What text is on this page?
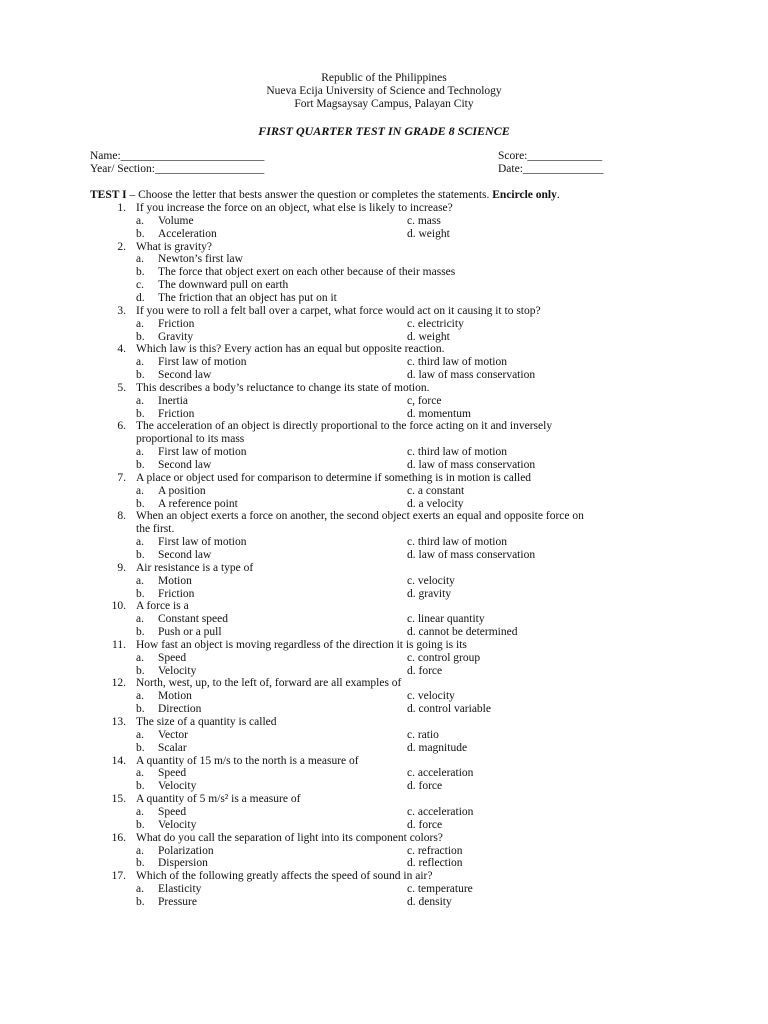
Republic of the Philippines
Nueva Ecija University of Science and Technology
Fort Magsaysay Campus, Palayan City
FIRST QUARTER TEST IN GRADE 8 SCIENCE
Name:_________________________
Year/ Section:___________________
Score:_____________
Date:______________
TEST I – Choose the letter that bests answer the question or completes the statements. Encircle only.
1. If you increase the force on an object, what else is likely to increase?
a. Volume	c. mass
b. Acceleration	d. weight
2. What is gravity?
a. Newton’s first law
b. The force that object exert on each other because of their masses
c. The downward pull on earth
d. The friction that an object has put on it
3. If you were to roll a felt ball over a carpet, what force would act on it causing it to stop?
a. Friction	c. electricity
b. Gravity	d. weight
4. Which law is this? Every action has an equal but opposite reaction.
a. First law of motion	c. third law of motion
b. Second law	d. law of mass conservation
5. This describes a body’s reluctance to change its state of motion.
a. Inertia	c, force
b. Friction	d. momentum
6. The acceleration of an object is directly proportional to the force acting on it and inversely
proportional to its mass
a. First law of motion	c. third law of motion
b. Second law	d. law of mass conservation
7. A place or object used for comparison to determine if something is in motion is called
a. A position	c. a constant
b. A reference point	d. a velocity
8. When an object exerts a force on another, the second object exerts an equal and opposite force on
the first.
a. First law of motion	c. third law of motion
b. Second law	d. law of mass conservation
9. Air resistance is a type of
a. Motion	c. velocity
b. Friction	d. gravity
10. A force is a
a. Constant speed	c. linear quantity
b. Push or a pull	d. cannot be determined
11. How fast an object is moving regardless of the direction it is going is its
a. Speed	c. control group
b. Velocity	d. force
12. North, west, up, to the left of, forward are all examples of
a. Motion	c. velocity
b. Direction	d. control variable
13. The size of a quantity is called
a. Vector	c. ratio
b. Scalar	d. magnitude
14. A quantity of 15 m/s to the north is a measure of
a. Speed	c. acceleration
b. Velocity	d. force
15. A quantity of 5 m/s² is a measure of
a. Speed	c. acceleration
b. Velocity	d. force
16. What do you call the separation of light into its component colors?
a. Polarization	c. refraction
b. Dispersion	d. reflection
17. Which of the following greatly affects the speed of sound in air?
a. Elasticity	c. temperature
b. Pressure	d. density
